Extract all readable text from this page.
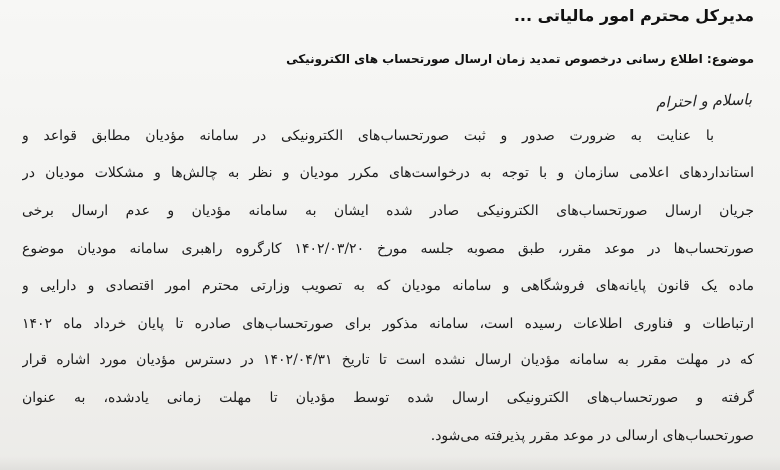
مدیرکل محترم امور مالیاتی ...
موضوع: اطلاع رسانی درخصوص تمدید زمان ارسال صورتحساب های الکترونیکی
باسلام و احترام
با عنایت به ضرورت صدور و ثبت صورتحساب‌های الکترونیکی در سامانه مؤدیان مطابق قواعد و
استانداردهای اعلامی سازمان و با توجه به درخواست‌های مکرر مودیان و نظر به چالش‌ها و مشکلات مودیان در
جریان ارسال صورتحساب‌های الکترونیکی صادر شده ایشان به سامانه مؤدیان و عدم ارسال برخی
صورتحساب‌ها در موعد مقرر، طبق مصوبه جلسه مورخ ۱۴۰۲/۰۳/۲۰ کارگروه راهبری سامانه مودیان موضوع
ماده یک قانون پایانه‌های فروشگاهی و سامانه مودیان که به تصویب وزارتی محترم امور اقتصادی و دارایی و
ارتباطات و فناوری اطلاعات رسیده است، سامانه مذکور برای صورتحساب‌های صادره تا پایان خرداد ماه ۱۴۰۲
که در مهلت مقرر به سامانه مؤدیان ارسال نشده است تا تاریخ ۱۴۰۲/۰۴/۳۱ در دسترس مؤدیان مورد اشاره قرار
گرفته و صورتحساب‌های الکترونیکی ارسال شده توسط مؤدیان تا مهلت زمانی یادشده، به عنوان
صورتحساب‌های ارسالی در موعد مقرر پذیرفته می‌شود.
